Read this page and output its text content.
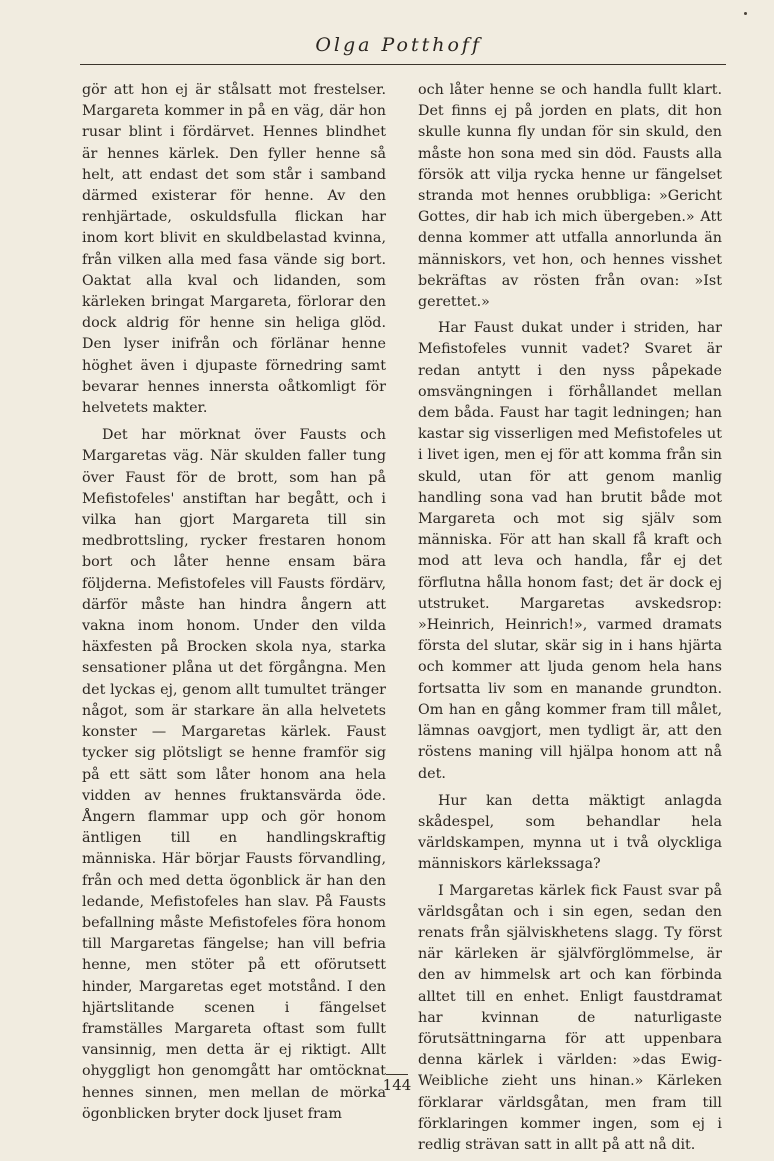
Olga Potthoff

gör att hon ej är stålsatt mot frestelser. Margareta kommer in på en väg, där hon rusar blint i fördärvet. Hennes blindhet är hennes kärlek. Den fyller henne så helt, att endast det som står i samband därmed existerar för henne. Av den renhjärtade, oskuldsfulla flickan har inom kort blivit en skuldbelastad kvinna, från vilken alla med fasa vände sig bort. Oaktat alla kval och lidanden, som kärleken bringat Margareta, förlorar den dock aldrig för henne sin heliga glöd. Den lyser inifrån och förlänar henne höghet även i djupaste förnedring samt bevarar hennes innersta oåtkomligt för helvetets makter.

Det har mörknat över Fausts och Margaretas väg. När skulden faller tung över Faust för de brott, som han på Mefistofeles' anstiftan har begått, och i vilka han gjort Margareta till sin medbrottsling, rycker frestaren honom bort och låter henne ensam bära följderna. Mefistofeles vill Fausts fördärv, därför måste han hindra ångern att vakna inom honom. Under den vilda häxfesten på Brocken skola nya, starka sensationer plåna ut det förgångna. Men det lyckas ej, genom allt tumultet tränger något, som är starkare än alla helvetets konster — Margaretas kärlek. Faust tycker sig plötsligt se henne framför sig på ett sätt som låter honom ana hela vidden av hennes fruktansvärda öde. Ångern flammar upp och gör honom äntligen till en handlingskraftig människa. Här börjar Fausts förvandling, från och med detta ögonblick är han den ledande, Mefistofeles han slav. På Fausts befallning måste Mefistofeles föra honom till Margaretas fängelse; han vill befria henne, men stöter på ett oförutsett hinder, Margaretas eget motstånd. I den hjärtslitande scenen i fängelset framställes Margareta oftast som fullt vansinnig, men detta är ej riktigt. Allt ohyggligt hon genomgått har omtöcknat hennes sinnen, men mellan de mörka ögonblicken bryter dock ljuset fram

och låter henne se och handla fullt klart. Det finns ej på jorden en plats, dit hon skulle kunna fly undan för sin skuld, den måste hon sona med sin död. Fausts alla försök att vilja rycka henne ur fängelset stranda mot hennes orubbliga: »Gericht Gottes, dir hab ich mich übergeben.» Att denna kommer att utfalla annorlunda än människors, vet hon, och hennes visshet bekräftas av rösten från ovan: »Ist gerettet.»

Har Faust dukat under i striden, har Mefistofeles vunnit vadet? Svaret är redan antytt i den nyss påpekade omsvängningen i förhållandet mellan dem båda. Faust har tagit ledningen; han kastar sig visserligen med Mefistofeles ut i livet igen, men ej för att komma från sin skuld, utan för att genom manlig handling sona vad han brutit både mot Margareta och mot sig själv som människa. För att han skall få kraft och mod att leva och handla, får ej det förflutna hålla honom fast; det är dock ej utstruket. Margaretas avskedsrop: »Heinrich, Heinrich!», varmed dramats första del slutar, skär sig in i hans hjärta och kommer att ljuda genom hela hans fortsatta liv som en manande grundton. Om han en gång kommer fram till målet, lämnas oavgjort, men tydligt är, att den röstens maning vill hjälpa honom att nå det.

Hur kan detta mäktigt anlagda skådespel, som behandlar hela världskampen, mynna ut i två olyckliga människors kärlekssaga?

I Margaretas kärlek fick Faust svar på världsgåtan och i sin egen, sedan den renats från själviskhetens slagg. Ty först när kärleken är självförglömmelse, är den av himmelsk art och kan förbinda alltet till en enhet. Enligt faustdramat har kvinnan de naturligaste förutsättningarna för att uppenbara denna kärlek i världen: »das Ewig-Weibliche zieht uns hinan.» Kärleken förklarar världsgåtan, men fram till förklaringen kommer ingen, som ej i redlig strävan satt in allt på att nå dit.

144
